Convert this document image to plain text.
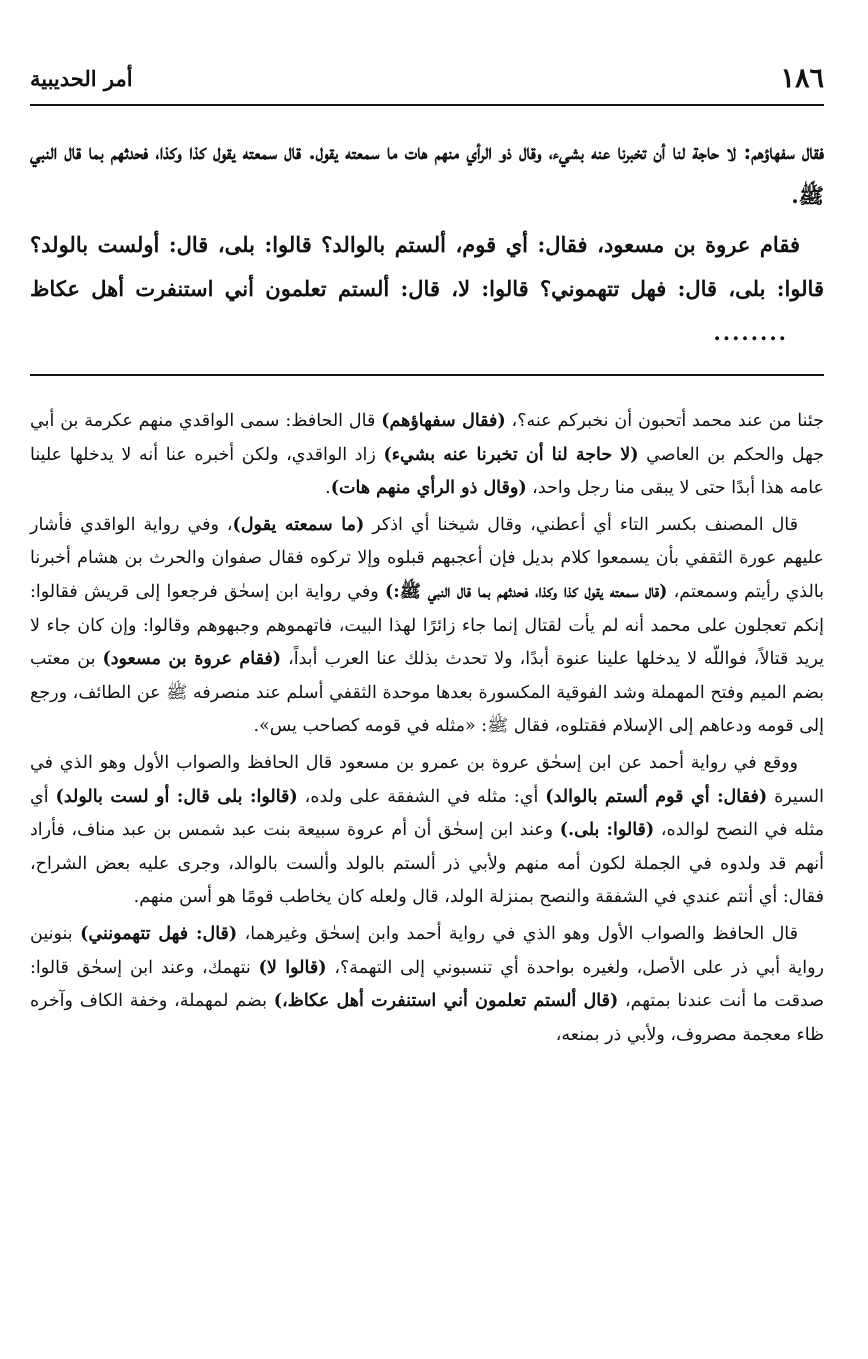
١٨٦
أمر الحديبية

فقال سفهاؤهم: لا حاجة لنا أن تخبرنا عنه بشيء، وقال ذو الرأي منهم هات ما سمعته يقول. قال سمعته يقول كذا وكذا، فحدثهم بما قال النبي ﷺ.

فقام عروة بن مسعود، فقال: أي قوم، ألستم بالوالد؟ قالوا: بلى، قال: أولست بالولد؟ قالوا: بلى، قال: فهل تتهموني؟ قالوا: لا، قال: ألستم تعلمون أني استنفرت أهل عكاظ........

جئنا من عند محمد أتحبون أن نخبركم عنه؟، (فقال سفهاؤهم) قال الحافظ: سمى الواقدي منهم عكرمة بن أبي جهل والحكم بن العاصي (لا حاجة لنا أن تخبرنا عنه بشيء) زاد الواقدي، ولكن أخبره عنا أنه لا يدخلها علينا عامه هذا أبدًا حتى لا يبقى منا رجل واحد، (وقال ذو الرأي منهم هات).

قال المصنف بكسر التاء أي أعطني، وقال شيخنا أي اذكر (ما سمعته يقول)، وفي رواية الواقدي فأشار عليهم عورة الثقفي بأن يسمعوا كلام بديل فإن أعجبهم قبلوه وإلا تركوه فقال صفوان والحرث بن هشام أخبرنا بالذي رأيتم وسمعتم، (قال سمعته يقول كذا وكذا، فحدثهم بما قال النبي ﷺ:) وفي رواية ابن إسحٰق فرجعوا إلى قريش فقالوا: إنكم تعجلون على محمد أنه لم يأت لقتال إنما جاء زائرًا لهذا البيت، فاتهموهم وجبهوهم وقالوا: وإن كان جاء لا يريد قتالاً، فواللّه لا يدخلها علينا عنوة أبدًا، ولا تحدث بذلك عنا العرب أبداً، (فقام عروة بن مسعود) بن معتب بضم الميم وفتح المهملة وشد الفوقية المكسورة بعدها موحدة الثقفي أسلم عند منصرفه ﷺ عن الطائف، ورجع إلى قومه ودعاهم إلى الإسلام فقتلوه، فقال ﷺ: «مثله في قومه كصاحب يس».

ووقع في رواية أحمد عن ابن إسحٰق عروة بن عمرو بن مسعود قال الحافظ والصواب الأول وهو الذي في السيرة (فقال: أي قوم ألستم بالوالد) أي: مثله في الشفقة على ولده، (قالوا: بلى قال: أو لست بالولد) أي مثله في النصح لوالده، (قالوا: بلى.) وعند ابن إسحٰق أن أم عروة سبيعة بنت عبد شمس بن عبد مناف، فأراد أنهم قد ولدوه في الجملة لكون أمه منهم ولأبي ذر ألستم بالولد وألست بالوالد، وجرى عليه بعض الشراح، فقال: أي أنتم عندي في الشفقة والنصح بمنزلة الولد، قال ولعله كان يخاطب قومًا هو أسن منهم.

قال الحافظ والصواب الأول وهو الذي في رواية أحمد وابن إسحٰق وغيرهما، (قال: فهل تتهمونني) بنونين رواية أبي ذر على الأصل، ولغيره بواحدة أي تنسبوني إلى التهمة؟، (قالوا لا) نتهمك، وعند ابن إسحٰق قالوا: صدقت ما أنت عندنا بمتهم، (قال ألستم تعلمون أني استنفرت أهل عكاظ،) بضم لمهملة، وخفة الكاف وآخره ظاء معجمة مصروف، ولأبي ذر بمنعه،
